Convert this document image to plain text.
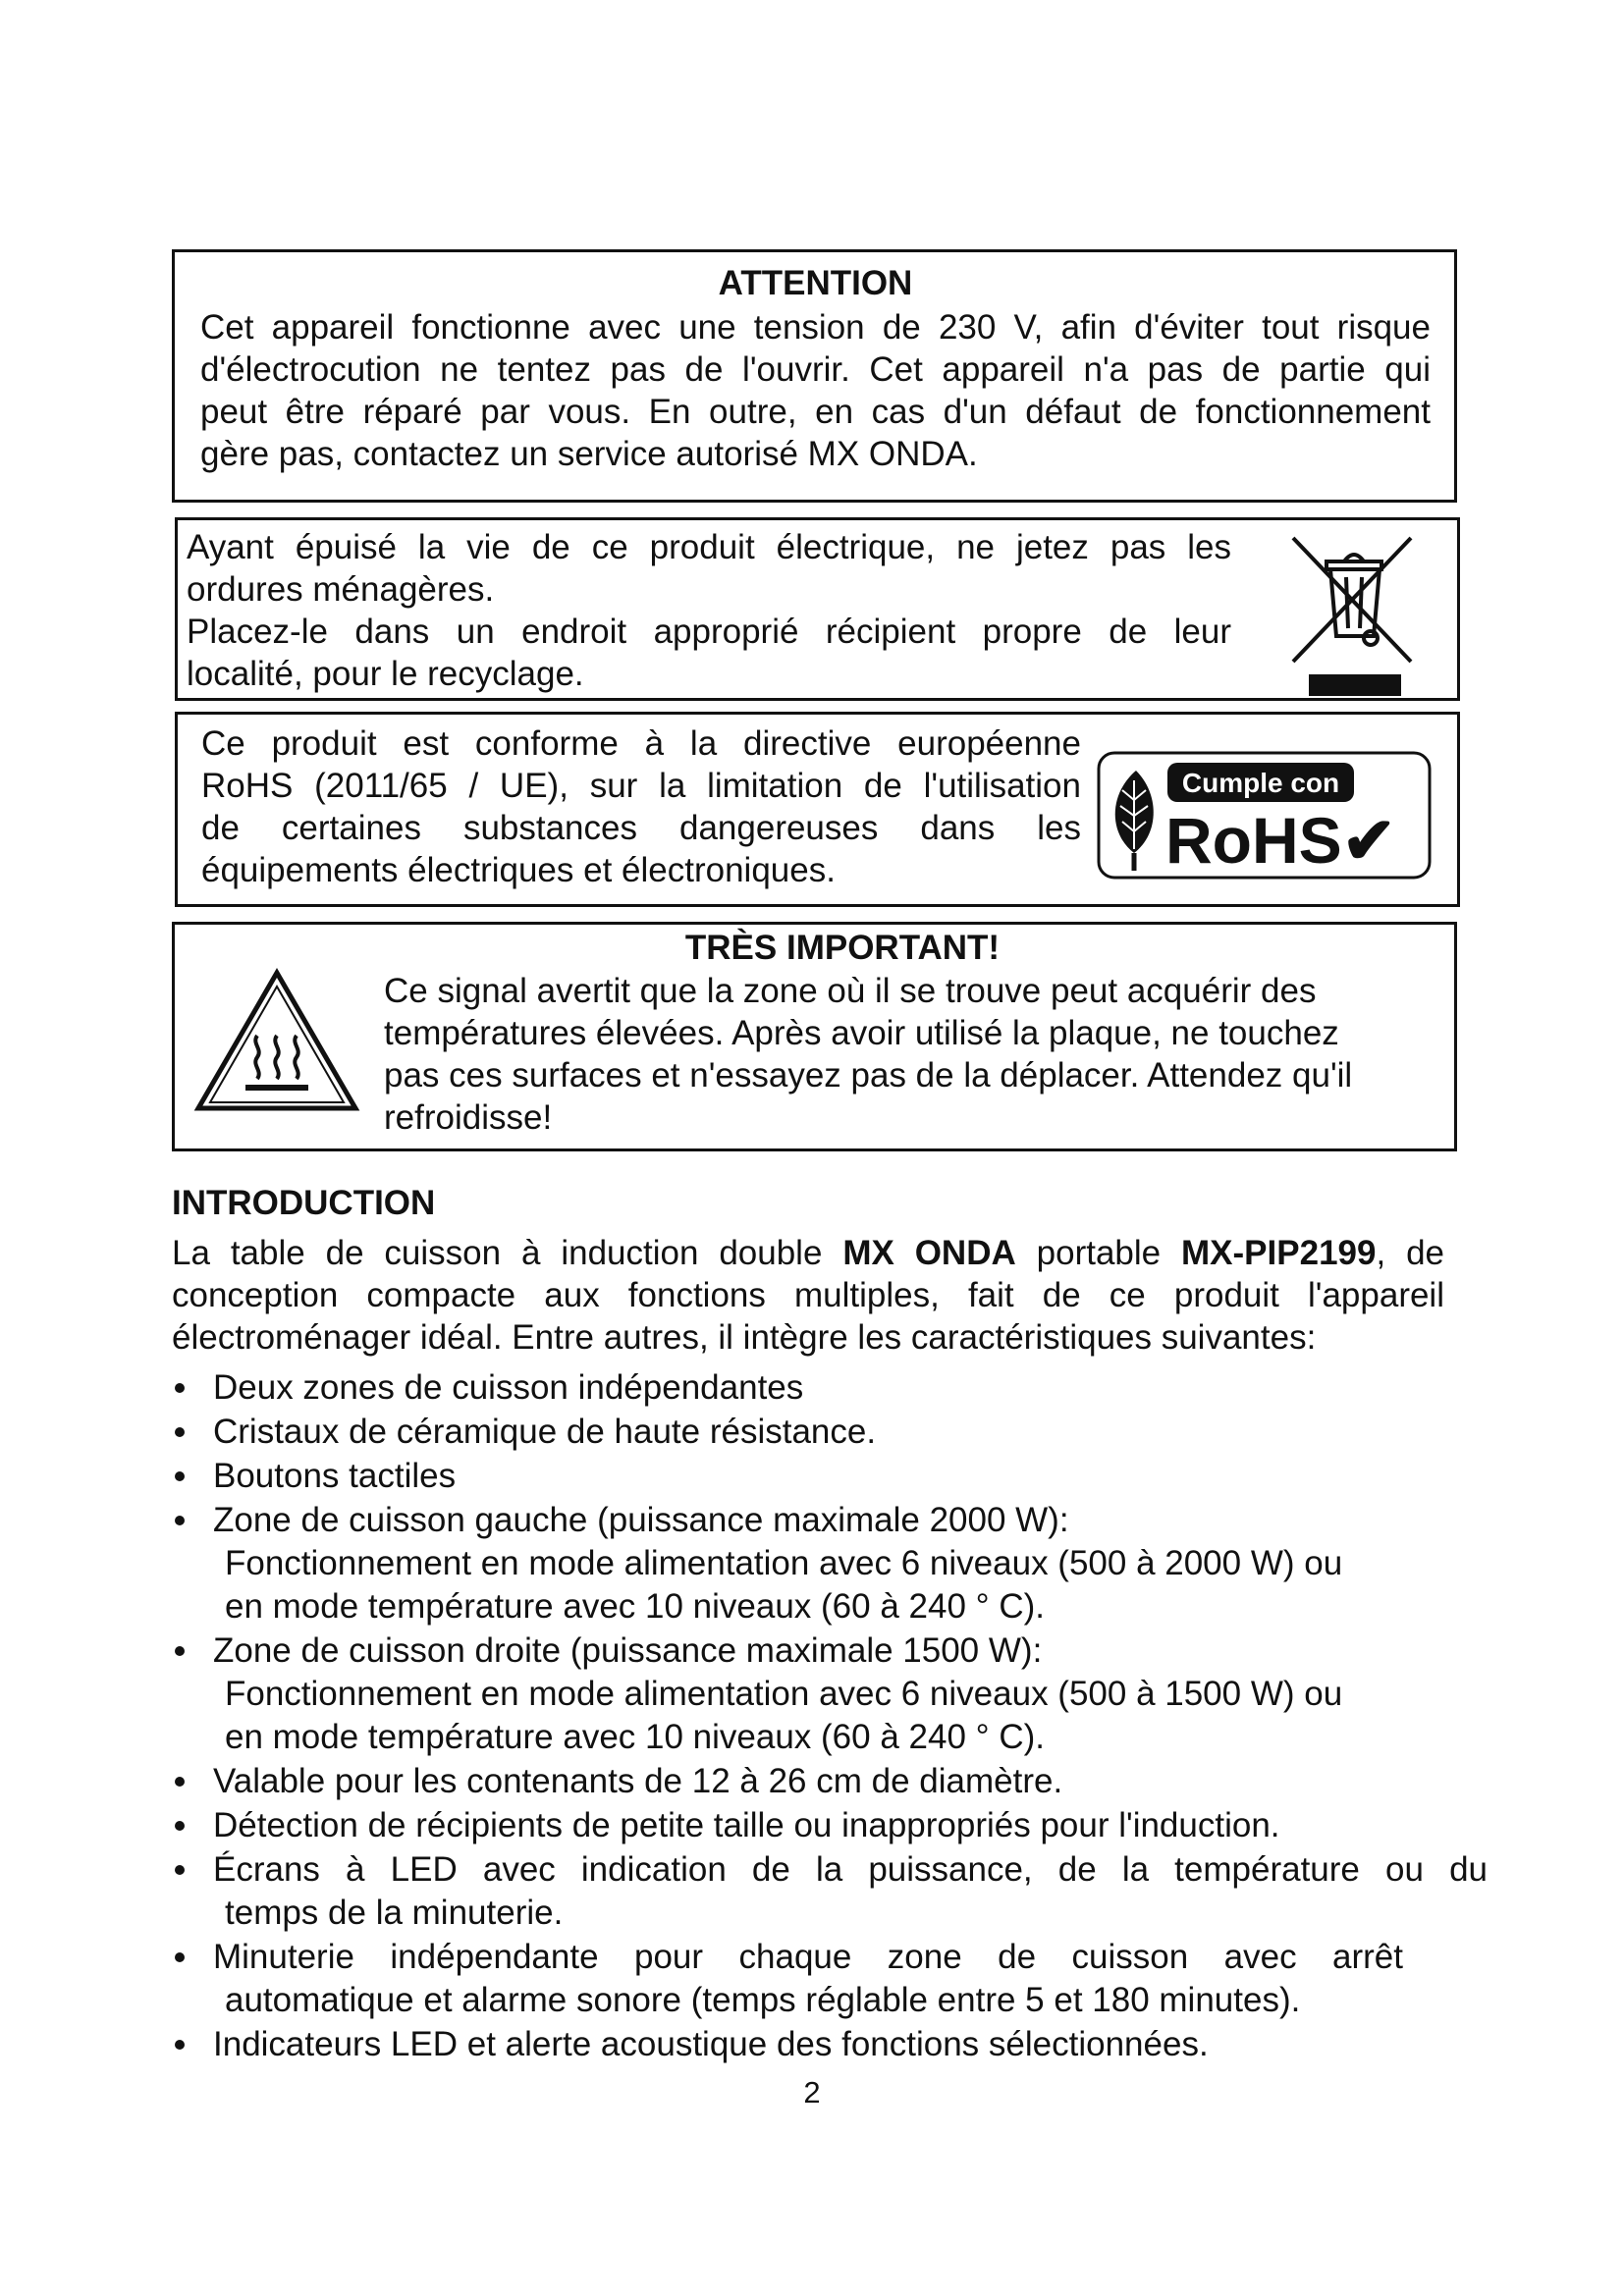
ATTENTION

Cet appareil fonctionne avec une tension de 230 V, afin d'éviter tout risque

d'électrocution ne tentez pas de l'ouvrir. Cet appareil n'a pas de partie qui

peut être réparé par vous. En outre, en cas d'un défaut de fonctionnement

gère pas, contactez un service autorisé MX ONDA.

Ayant épuisé la vie de ce produit électrique, ne jetez pas les

ordures ménagères.

Placez-le dans un endroit approprié récipient propre de leur

localité, pour le recyclage.

Ce produit est conforme à la directive européenne

RoHS (2011/65 / UE), sur la limitation de l'utilisation

de certaines substances dangereuses dans les

équipements électriques et électroniques.

Cumple con
RoHS✔
TRÈS IMPORTANT!

Ce signal avertit que la zone où il se trouve peut acquérir des

températures élevées. Après avoir utilisé la plaque, ne touchez

pas ces surfaces et n'essayez pas de la déplacer. Attendez qu'il

refroidisse!

INTRODUCTION

La table de cuisson à induction double MX ONDA portable MX-PIP2199, de conception compacte aux fonctions multiples, fait de ce produit l'appareil électroménager idéal. Entre autres, il intègre les caractéristiques suivantes:

Deux zones de cuisson indépendantes
Cristaux de céramique de haute résistance.
Boutons tactiles
Zone de cuisson gauche (puissance maximale 2000 W):
Fonctionnement en mode alimentation avec 6 niveaux (500 à 2000 W) ou
en mode température avec 10 niveaux (60 à 240 ° C).
Zone de cuisson droite (puissance maximale 1500 W):
Fonctionnement en mode alimentation avec 6 niveaux (500 à 1500 W) ou
en mode température avec 10 niveaux (60 à 240 ° C).
Valable pour les contenants de 12 à 26 cm de diamètre.
Détection de récipients de petite taille ou inappropriés pour l'induction.
Écrans à LED avec indication de la puissance, de la température ou du
temps de la minuterie.
Minuterie indépendante pour chaque zone de cuisson avec arrêt
automatique et alarme sonore (temps réglable entre 5 et 180 minutes).
Indicateurs LED et alerte acoustique des fonctions sélectionnées.
2
